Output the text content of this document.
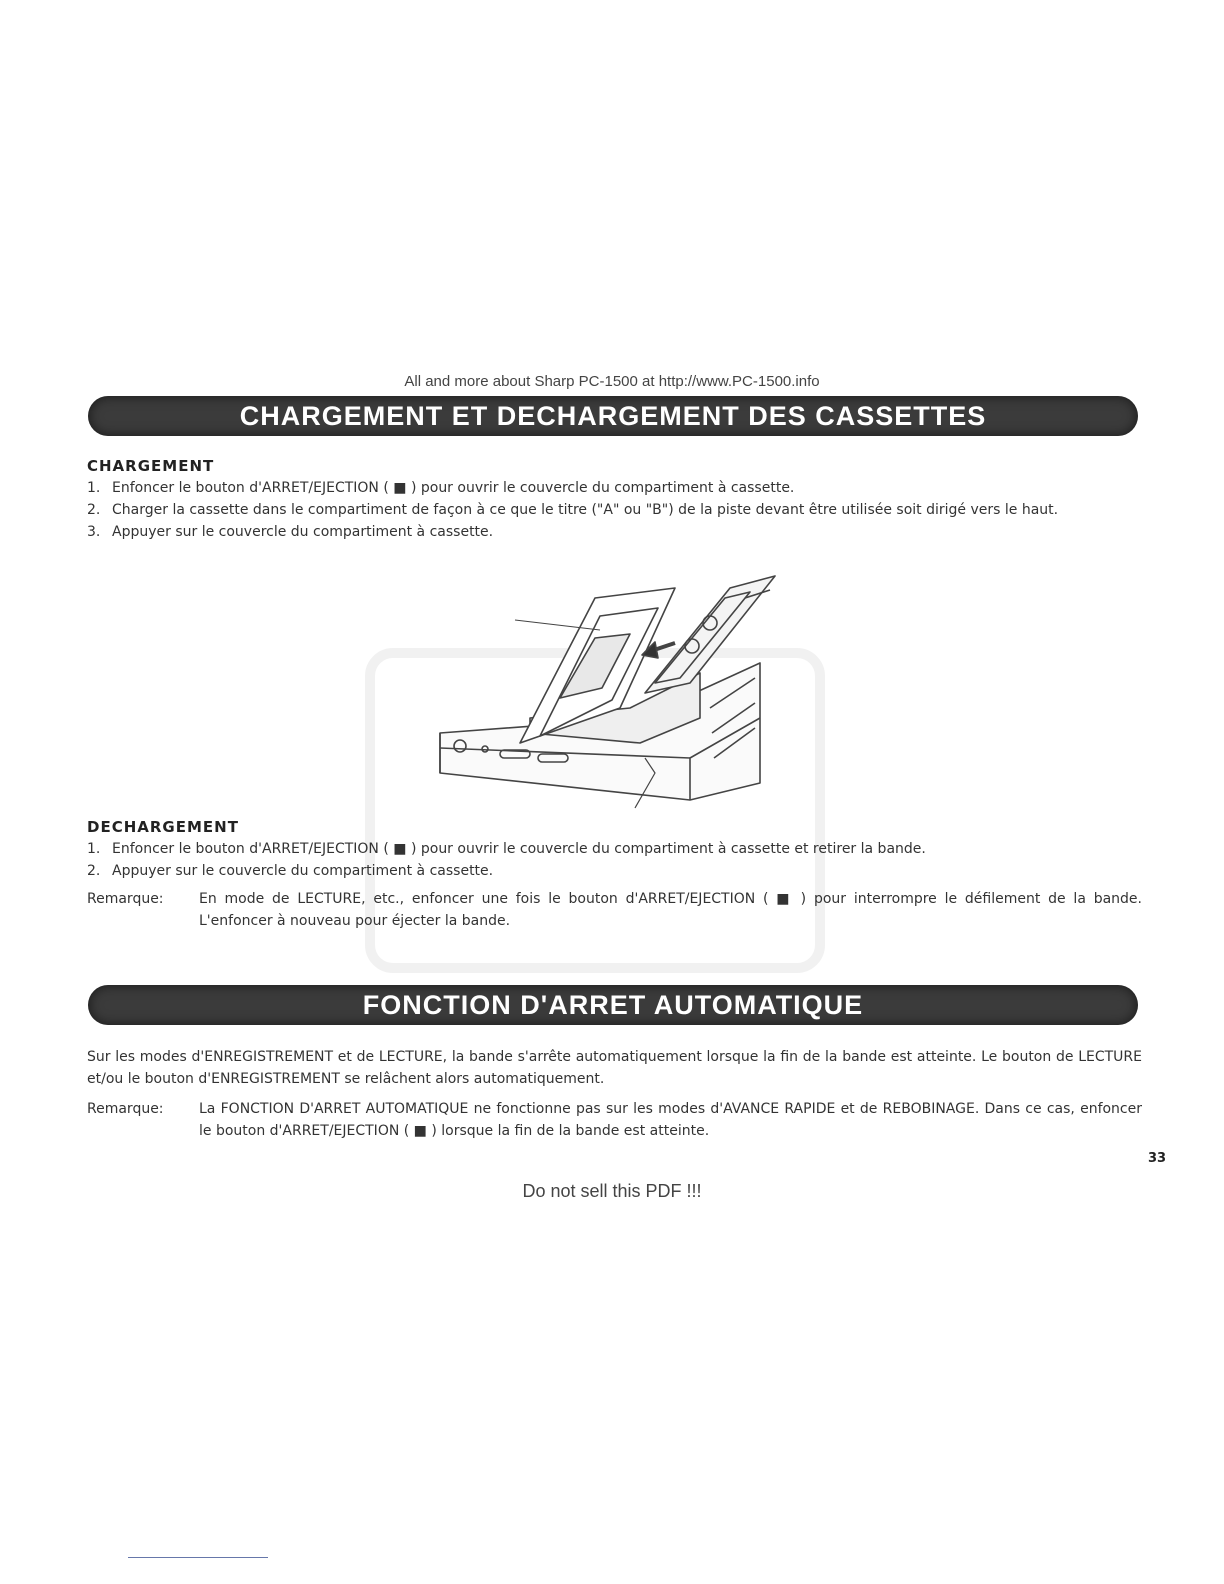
All and more about Sharp PC-1500 at http://www.PC-1500.info
CHARGEMENT ET DECHARGEMENT DES CASSETTES
CHARGEMENT
1. Enfoncer le bouton d'ARRET/EJECTION ( ■ ) pour ouvrir le couvercle du compartiment à cassette.
2. Charger la cassette dans le compartiment de façon à ce que le titre ("A" ou "B") de la piste devant être utilisée soit dirigé vers le haut.
3. Appuyer sur le couvercle du compartiment à cassette.
DECHARGEMENT
1. Enfoncer le bouton d'ARRET/EJECTION ( ■ ) pour ouvrir le couvercle du compartiment à cassette et retirer la bande.
2. Appuyer sur le couvercle du compartiment à cassette.
Remarque:	En mode de LECTURE, etc., enfoncer une fois le bouton d'ARRET/EJECTION ( ■ ) pour interrompre le défilement de la bande. L'enfoncer à nouveau pour éjecter la bande.
FONCTION D'ARRET AUTOMATIQUE
Sur les modes d'ENREGISTREMENT et de LECTURE, la bande s'arrête automatiquement lorsque la fin de la bande est atteinte. Le bouton de LECTURE et/ou le bouton d'ENREGISTREMENT se relâchent alors automatiquement.
Remarque:	La FONCTION D'ARRET AUTOMATIQUE ne fonctionne pas sur les modes d'AVANCE RAPIDE et de REBOBINAGE. Dans ce cas, enfoncer le bouton d'ARRET/EJECTION ( ■ ) lorsque la fin de la bande est atteinte.
33
Do not sell this PDF !!!
